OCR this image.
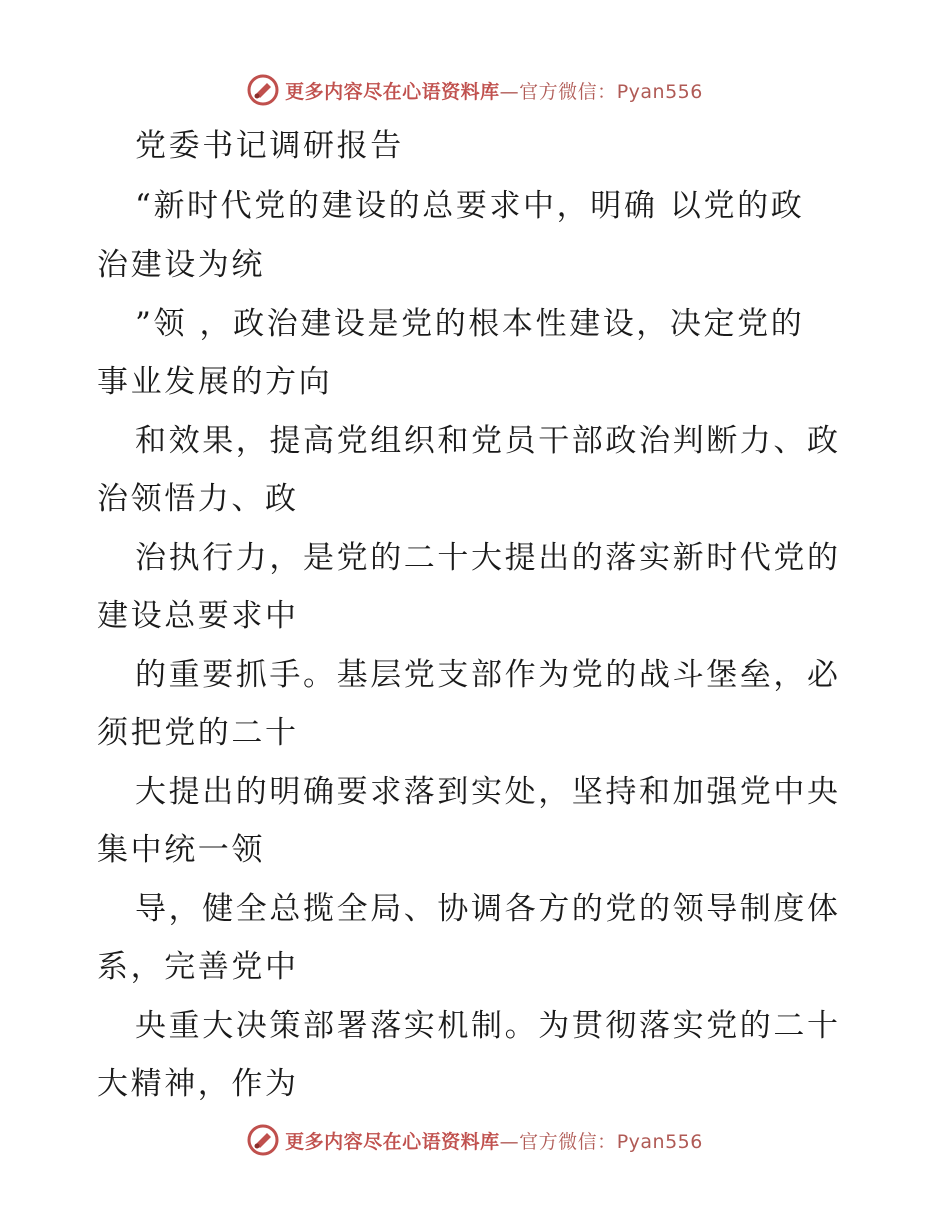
更多内容尽在心语资料库—官方微信：Pyan556
党委书记调研报告
“新时代党的建设的总要求中，明确 以党的政
治建设为统
”领 ，政治建设是党的根本性建设，决定党的
事业发展的方向
和效果，提高党组织和党员干部政治判断力、政
治领悟力、政
治执行力，是党的二十大提出的落实新时代党的
建设总要求中
的重要抓手。基层党支部作为党的战斗堡垒，必
须把党的二十
大提出的明确要求落到实处，坚持和加强党中央
集中统一领
导，健全总揽全局、协调各方的党的领导制度体
系，完善党中
央重大决策部署落实机制。为贯彻落实党的二十
大精神，作为
更多内容尽在心语资料库—官方微信：Pyan556
